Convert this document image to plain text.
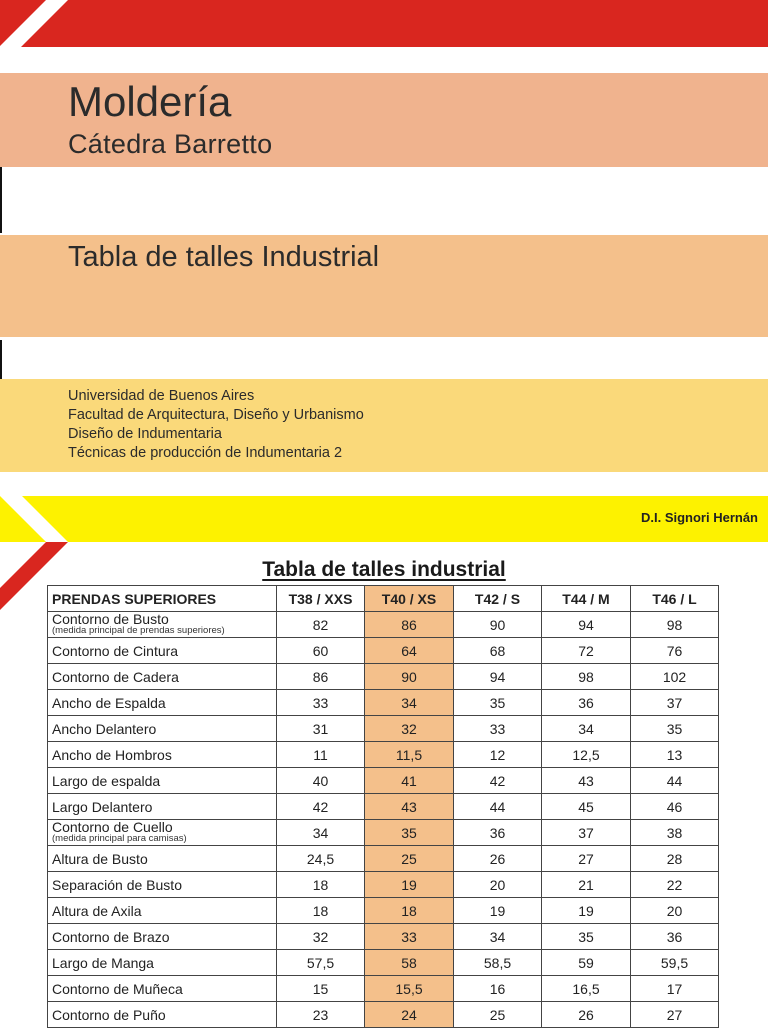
Moldería
Cátedra Barretto
Tabla de talles Industrial
Universidad de Buenos Aires
Facultad de Arquitectura, Diseño y Urbanismo
Diseño de Indumentaria
Técnicas de producción de Indumentaria 2
D.I. Signori Hernán
Tabla de talles industrial
PRENDAS SUPERIORES	T38 / XXS	T40 / XS	T42 / S	T44 / M	T46 / L

Contorno de Busto
(medida principal de prendas superiores)	82	86	90	94	98
Contorno de Cintura	60	64	68	72	76
Contorno de Cadera	86	90	94	98	102
Ancho de Espalda	33	34	35	36	37
Ancho Delantero	31	32	33	34	35
Ancho de Hombros	11	11,5	12	12,5	13
Largo de espalda	40	41	42	43	44
Largo Delantero	42	43	44	45	46

Contorno de Cuello
(medida principal para camisas)	34	35	36	37	38
Altura de Busto	24,5	25	26	27	28
Separación de Busto	18	19	20	21	22
Altura de Axila	18	18	19	19	20
Contorno de Brazo	32	33	34	35	36
Largo de Manga	57,5	58	58,5	59	59,5
Contorno de Muñeca	15	15,5	16	16,5	17
Contorno de Puño	23	24	25	26	27
